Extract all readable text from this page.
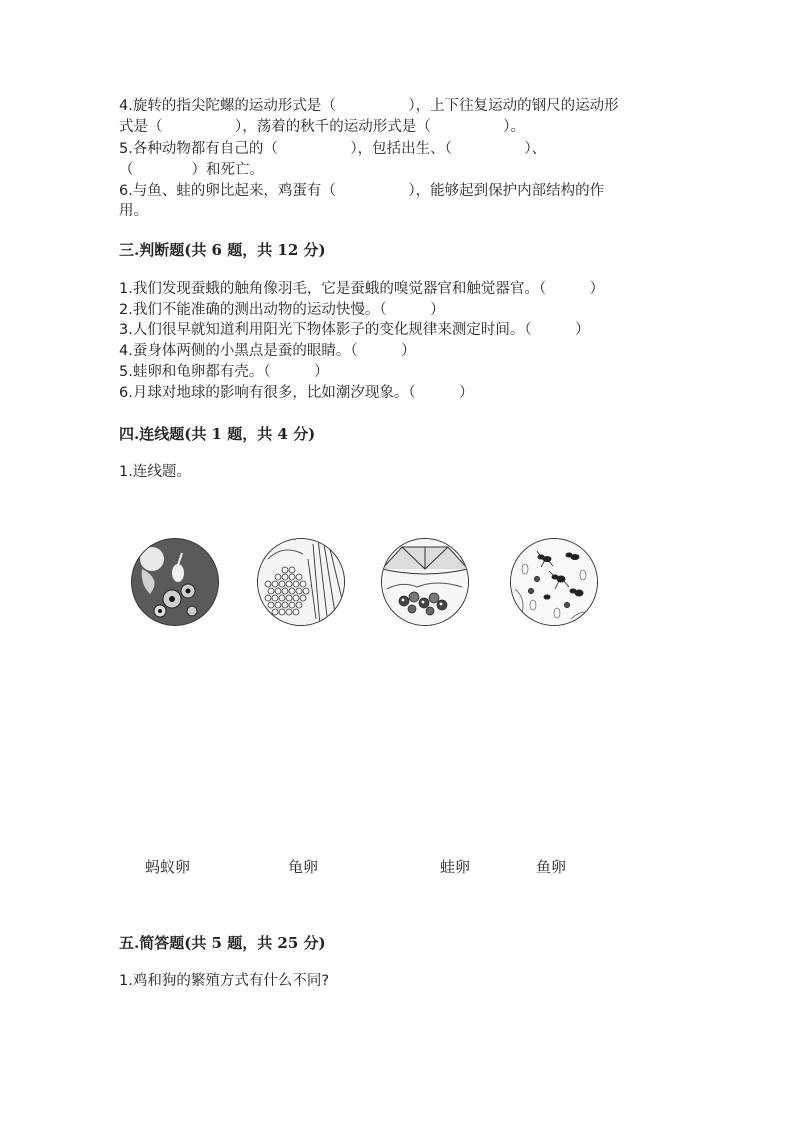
4.旋转的指尖陀螺的运动形式是（　　　　　），上下往复运动的钢尺的运动形
式是（　　　　　），荡着的秋千的运动形式是（　　　　　）。
5.各种动物都有自己的（　　　　　），包括出生、（　　　　　）、
（　　　　）和死亡。
6.与鱼、蛙的卵比起来，鸡蛋有（　　　　　），能够起到保护内部结构的作
用。
三.判断题(共 6 题，共 12 分)
1.我们发现蚕蛾的触角像羽毛，它是蚕蛾的嗅觉器官和触觉器官。（　　　）
2.我们不能准确的测出动物的运动快慢。（　　　）
3.人们很早就知道利用阳光下物体影子的变化规律来测定时间。（　　　）
4.蚕身体两侧的小黑点是蚕的眼睛。（　　　）
5.蛙卵和龟卵都有壳。（　　　）
6.月球对地球的影响有很多，比如潮汐现象。（　　　）
四.连线题(共 1 题，共 4 分)
1.连线题。
蚂蚁卵	龟卵	蛙卵	鱼卵
五.简答题(共 5 题，共 25 分)
1.鸡和狗的繁殖方式有什么不同?
